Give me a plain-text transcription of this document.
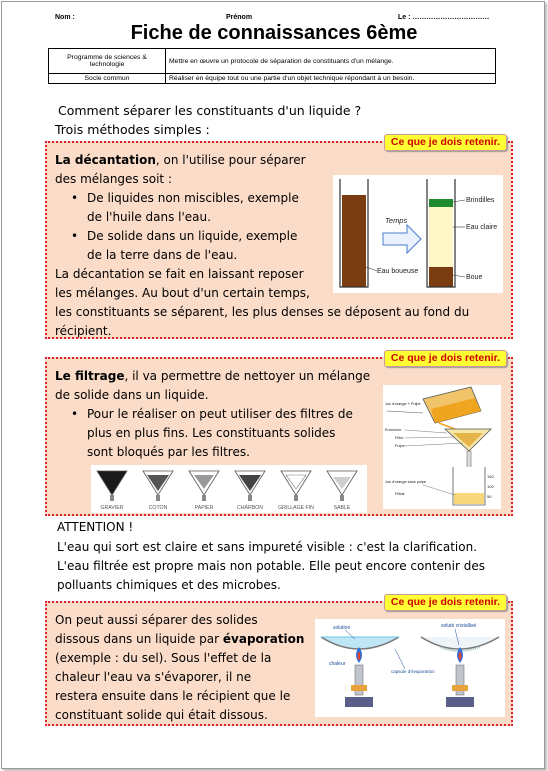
Nom :	Prénom	Le : ……………………………
Fiche de connaissances 6ème
Programme de sciences & technologie	Mettre en œuvre un protocole de séparation de constituants d'un mélange.
Socle commun	Réaliser en équipe tout ou une partie d'un objet technique répondant à un besoin.
Comment séparer les constituants d'un liquide ?
Trois méthodes simples :
Ce que je dois retenir.
La décantation, on l'utilise pour séparer
des mélanges soit :
• De liquides non miscibles, exemple
de l'huile dans l'eau.
• De solide dans un liquide, exemple
de la terre dans de l'eau.
La décantation se fait en laissant reposer
les mélanges. Au bout d'un certain temps,
les constituants se séparent, les plus denses se déposent au fond du
récipient.
Temps
Eau boueuse
Brindilles
Eau claire
Boue
Ce que je dois retenir.
Le filtrage, il va permettre de nettoyer un mélange
de solide dans un liquide.
• Pour le réaliser on peut utiliser des filtres de
plus en plus fins. Les constituants solides
sont bloqués par les filtres.
GRAVIER	COTON	PAPIER	CHARBON	GRILLAGE FIN	SABLE
Jus d'orange + Pulpe
Entonnoir
Filtre
Pulpe
150
100
50
Jus d'orange sans pulpe
Filtrat
ATTENTION !
L'eau qui sort est claire et sans impureté visible : c'est la clarification.
L'eau filtrée est propre mais non potable. Elle peut encore contenir des
polluants chimiques et des microbes.
Ce que je dois retenir.
On peut aussi séparer des solides
dissous dans un liquide par évaporation
(exemple : du sel). Sous l'effet de la
chaleur l'eau va s'évaporer, il ne
restera ensuite dans le récipient que le
constituant solide qui était dissous.
solution	soluté cristallisé
chaleur
capsule d'évaporation
